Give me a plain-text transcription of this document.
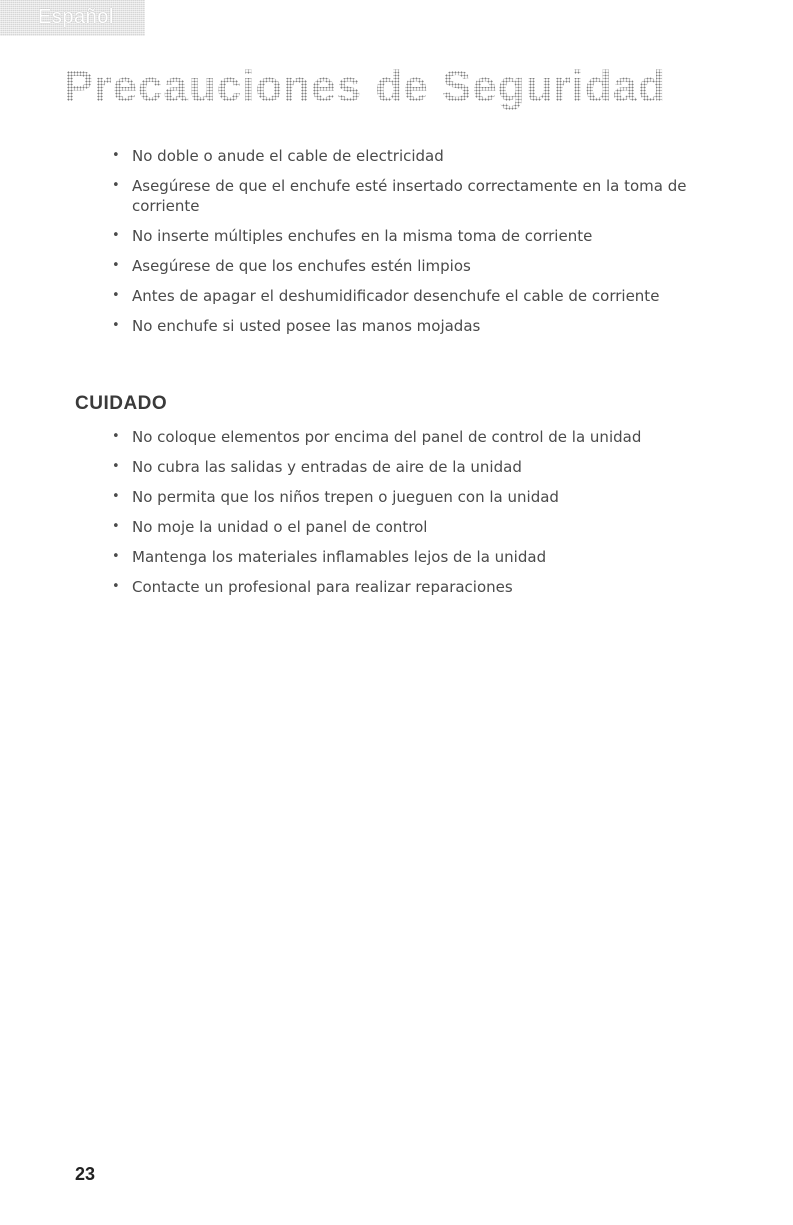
Español
Precauciones de Seguridad
• No doble o anude el cable de electricidad
• Asegúrese de que el enchufe esté insertado correctamente en la toma de corriente
• No inserte múltiples enchufes en la misma toma de corriente
• Asegúrese de que los enchufes estén limpios
• Antes de apagar el deshumidificador desenchufe el cable de corriente
• No enchufe si usted posee las manos mojadas
CUIDADO
• No coloque elementos por encima del panel de control de la unidad
• No cubra las salidas y entradas de aire de la unidad
• No permita que los niños trepen o jueguen con la unidad
• No moje la unidad o el panel de control
• Mantenga los materiales inflamables lejos de la unidad
• Contacte un profesional para realizar reparaciones
23
